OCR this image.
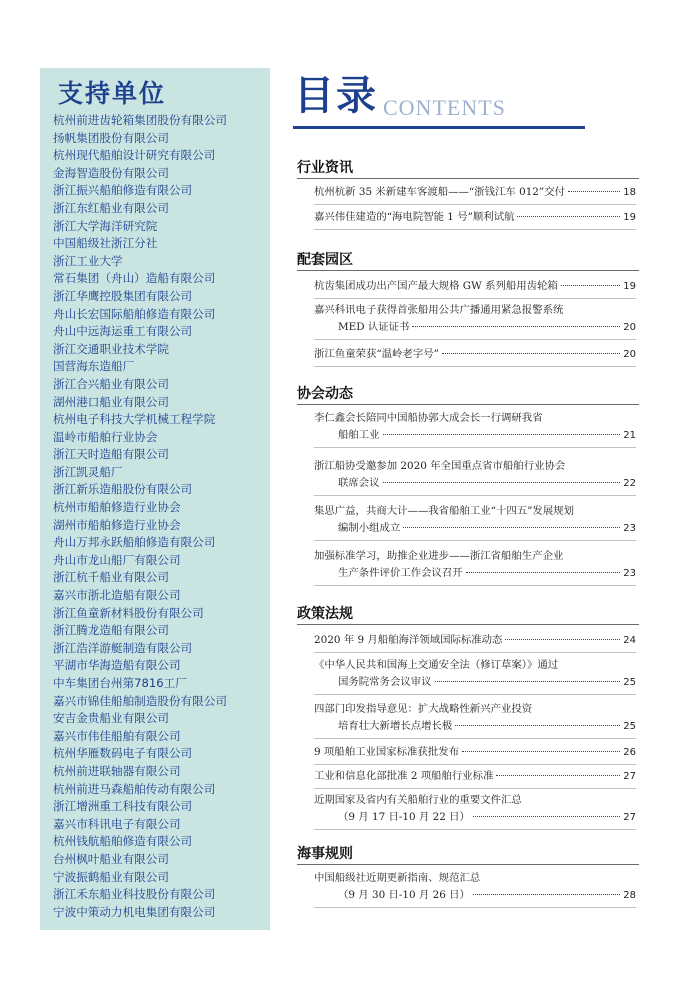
支持单位
杭州前进齿轮箱集团股份有限公司
扬帆集团股份有限公司
杭州现代船舶设计研究有限公司
金海智造股份有限公司
浙江振兴船舶修造有限公司
浙江东红船业有限公司
浙江大学海洋研究院
中国船级社浙江分社
浙江工业大学
常石集团（舟山）造船有限公司
浙江华鹰控股集团有限公司
舟山长宏国际船舶修造有限公司
舟山中远海运重工有限公司
浙江交通职业技术学院
国营海东造船厂
浙江合兴船业有限公司
湖州港口船业有限公司
杭州电子科技大学机械工程学院
温岭市船舶行业协会
浙江天时造船有限公司
浙江凯灵船厂
浙江新乐造船股份有限公司
杭州市船舶修造行业协会
湖州市船舶修造行业协会
舟山万邦永跃船舶修造有限公司
舟山市龙山船厂有限公司
浙江杭千船业有限公司
嘉兴市浙北造船有限公司
浙江鱼童新材料股份有限公司
浙江腾龙造船有限公司
浙江浩洋游艇制造有限公司
平湖市华海造船有限公司
中车集团台州第7816工厂
嘉兴市锦佳船舶制造股份有限公司
安吉金贵船业有限公司
嘉兴市伟佳船舶有限公司
杭州华雁数码电子有限公司
杭州前进联轴器有限公司
杭州前进马森船舶传动有限公司
浙江增洲重工科技有限公司
嘉兴市科讯电子有限公司
杭州钱航船舶修造有限公司
台州枫叶船业有限公司
宁波振鹤船业有限公司
浙江禾东船业科技股份有限公司
宁波中策动力机电集团有限公司
目录 CONTENTS
行业资讯
杭州杭新 35 米新建车客渡船——“浙钱江车 012”交付	18
嘉兴伟佳建造的“海电院智能 1 号”顺利试航	19
配套园区
杭齿集团成功出产国产最大规格 GW 系列船用齿轮箱	19
嘉兴科讯电子获得首张船用公共广播通用紧急报警系统
MED 认证证书	20
浙江鱼童荣获“温岭老字号”	20
协会动态
李仁鑫会长陪同中国船协郭大成会长一行调研我省
船舶工业	21
浙江船协受邀参加 2020 年全国重点省市船舶行业协会
联席会议	22
集思广益，共商大计——我省船舶工业“十四五”发展规划
编制小组成立	23
加强标准学习，助推企业进步——浙江省船舶生产企业
生产条件评价工作会议召开	23
政策法规
2020 年 9 月船舶海洋领域国际标准动态	24
《中华人民共和国海上交通安全法（修订草案）》通过
国务院常务会议审议	25
四部门印发指导意见：扩大战略性新兴产业投资
培育壮大新增长点增长极	25
9 项船舶工业国家标准获批发布	26
工业和信息化部批准 2 项船舶行业标准	27
近期国家及省内有关船舶行业的重要文件汇总
（9 月 17 日-10 月 22 日）	27
海事规则
中国船级社近期更新指南、规范汇总
（9 月 30 日-10 月 26 日）	28
